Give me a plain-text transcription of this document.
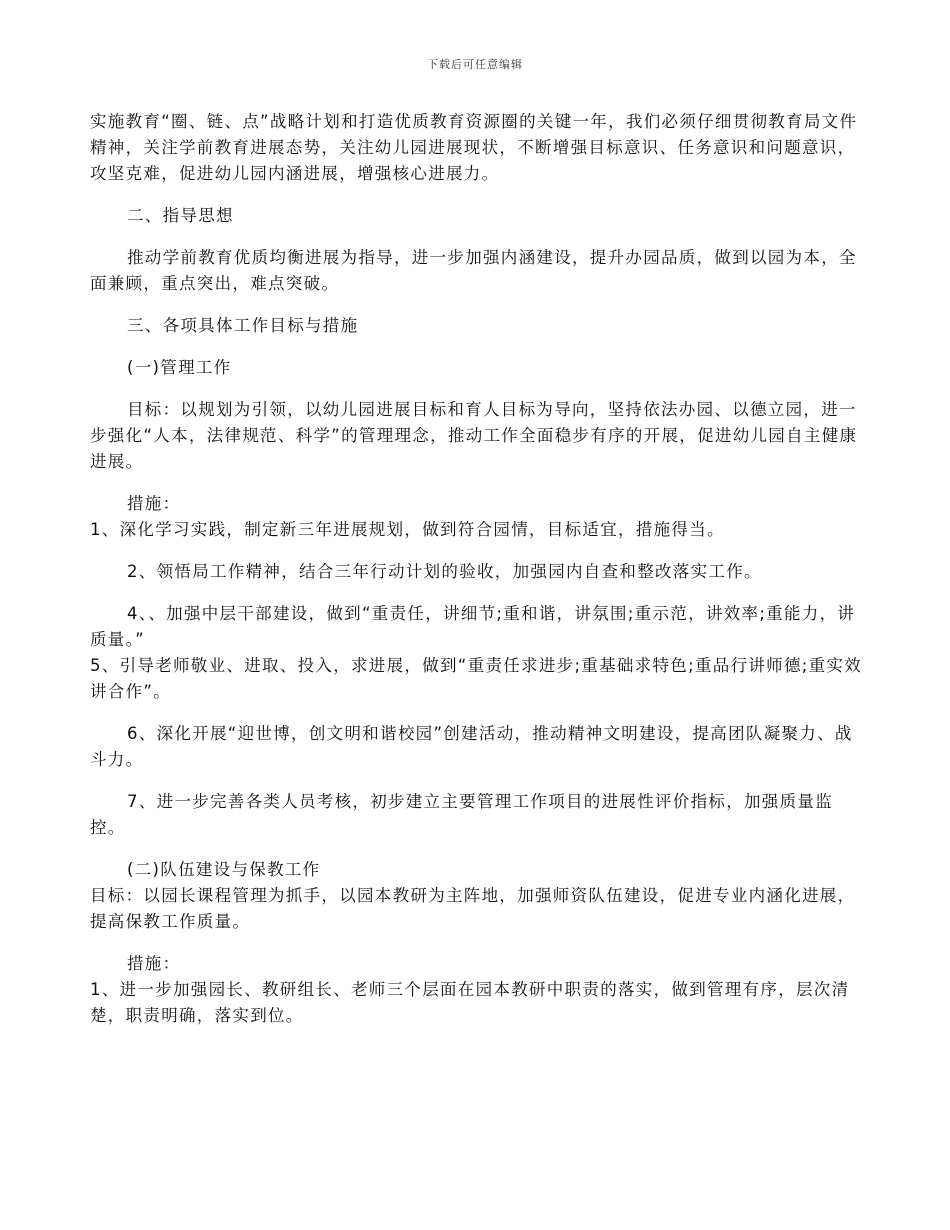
下载后可任意编辑

实施教育“圈、链、点”战略计划和打造优质教育资源圈的关键一年，我们必须仔细贯彻教育局文件精神，关注学前教育进展态势，关注幼儿园进展现状，不断增强目标意识、任务意识和问题意识，攻坚克难，促进幼儿园内涵进展，增强核心进展力。

二、指导思想

推动学前教育优质均衡进展为指导，进一步加强内涵建设，提升办园品质，做到以园为本，全面兼顾，重点突出，难点突破。

三、各项具体工作目标与措施

(一)管理工作

目标：以规划为引领，以幼儿园进展目标和育人目标为导向，坚持依法办园、以德立园，进一步强化“人本，法律规范、科学”的管理理念，推动工作全面稳步有序的开展，促进幼儿园自主健康进展。

措施：

1、深化学习实践，制定新三年进展规划，做到符合园情，目标适宜，措施得当。

2、领悟局工作精神，结合三年行动计划的验收，加强园内自查和整改落实工作。

4、、加强中层干部建设，做到“重责任，讲细节;重和谐，讲氛围;重示范，讲效率;重能力，讲质量。”

5、引导老师敬业、进取、投入，求进展，做到“重责任求进步;重基础求特色;重品行讲师德;重实效讲合作”。

6、深化开展“迎世博，创文明和谐校园”创建活动，推动精神文明建设，提高团队凝聚力、战斗力。

7、进一步完善各类人员考核，初步建立主要管理工作项目的进展性评价指标，加强质量监控。

(二)队伍建设与保教工作

目标：以园长课程管理为抓手，以园本教研为主阵地，加强师资队伍建设，促进专业内涵化进展，提高保教工作质量。

措施：

1、进一步加强园长、教研组长、老师三个层面在园本教研中职责的落实，做到管理有序，层次清楚，职责明确，落实到位。
